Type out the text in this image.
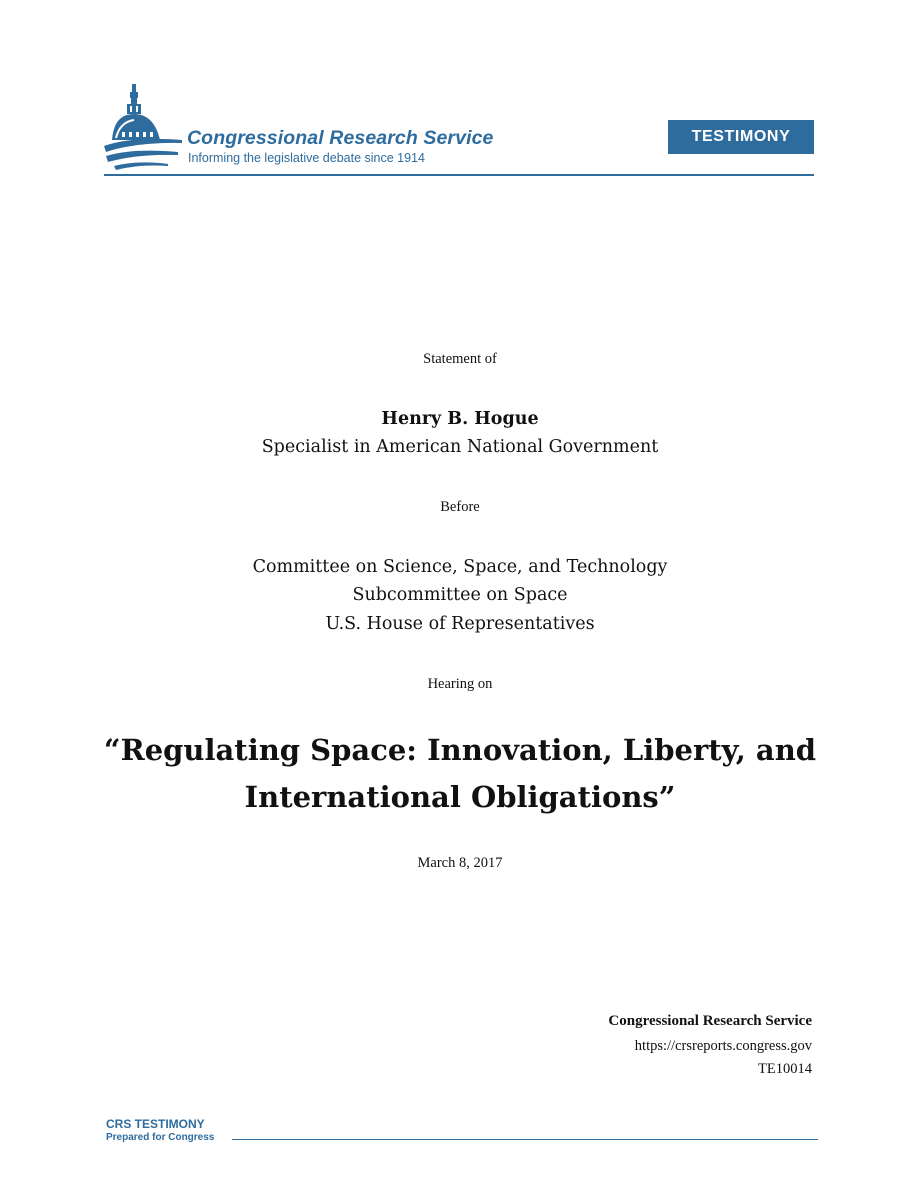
Congressional Research Service
Informing the legislative debate since 1914
TESTIMONY
Statement of
Henry B. Hogue
Specialist in American National Government
Before
Committee on Science, Space, and Technology
Subcommittee on Space
U.S. House of Representatives
Hearing on
“Regulating Space: Innovation, Liberty, and
International Obligations”
March 8, 2017
Congressional Research Service
https://crsreports.congress.gov
TE10014
CRS TESTIMONY
Prepared for Congress
